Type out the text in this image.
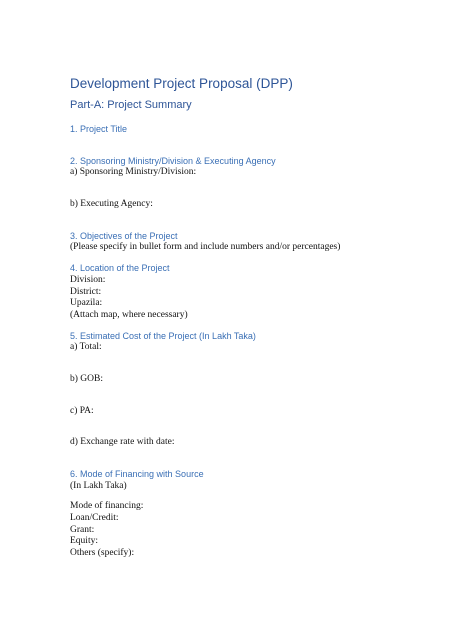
Development Project Proposal (DPP)
Part-A: Project Summary
1. Project Title
2. Sponsoring Ministry/Division & Executing Agency
a) Sponsoring Ministry/Division:
b) Executing Agency:
3. Objectives of the Project
(Please specify in bullet form and include numbers and/or percentages)
4. Location of the Project
Division:
District:
Upazila:
(Attach map, where necessary)
5. Estimated Cost of the Project (In Lakh Taka)
a) Total:
b) GOB:
c) PA:
d) Exchange rate with date:
6. Mode of Financing with Source
(In Lakh Taka)
Mode of financing:
Loan/Credit:
Grant:
Equity:
Others (specify):
